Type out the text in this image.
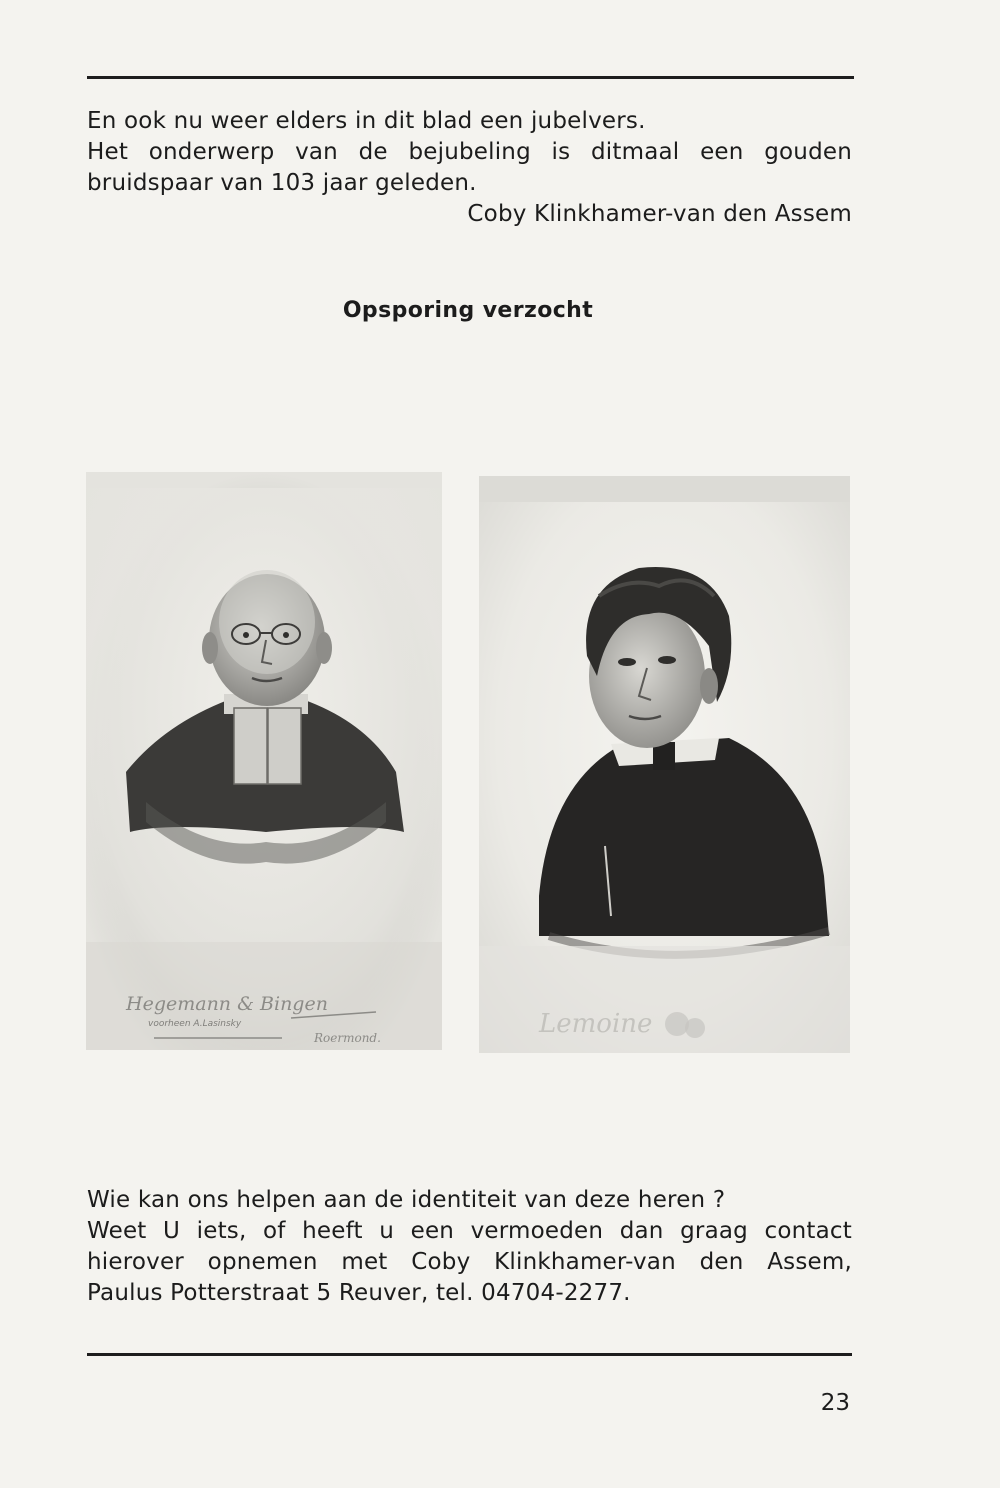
En ook nu weer elders in dit blad een jubelvers.

Het onderwerp van de bejubeling is ditmaal een gouden

bruidspaar van 103 jaar geleden.

Coby Klinkhamer-van den Assem

Opsporing verzocht
Hegemann & Bingen
voorheen A.Lasinsky
Roermond.	Lemoine

Wie kan ons helpen aan de identiteit van deze heren ?

Weet U iets, of heeft u een vermoeden dan graag contact

hierover opnemen met Coby Klinkhamer-van den Assem,

Paulus Potterstraat 5 Reuver, tel. 04704-2277.

23
